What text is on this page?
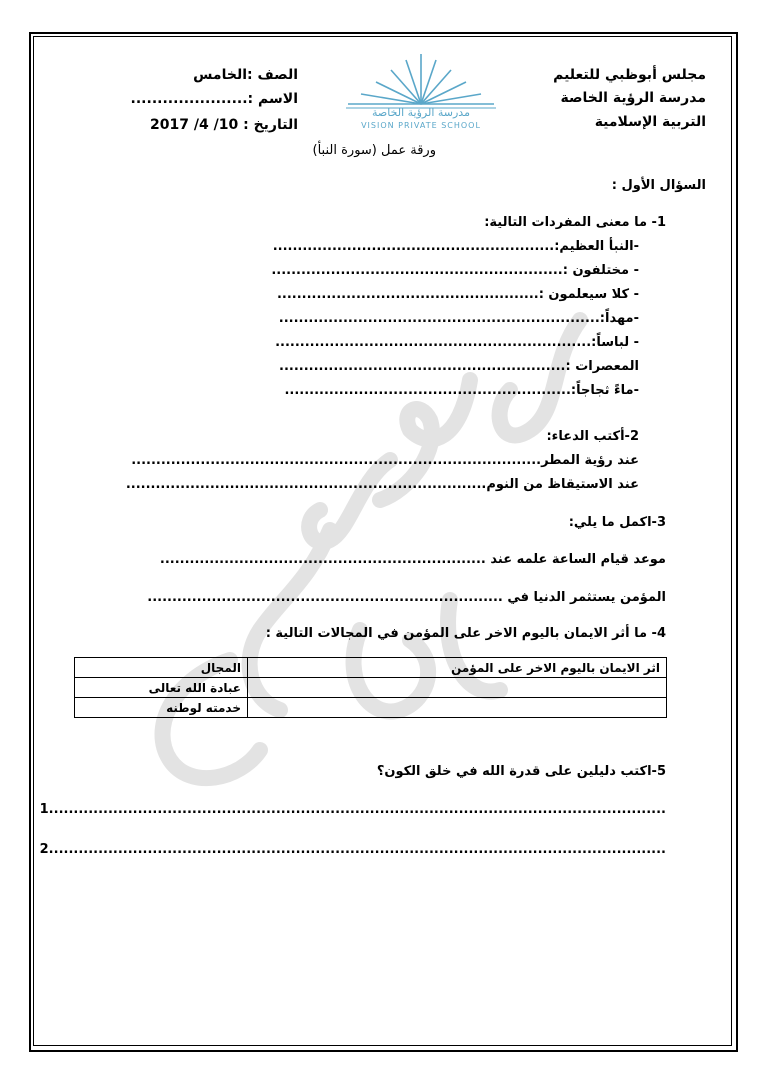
مجلس أبوظبي للتعليم
مدرسة الرؤية الخاصة
التربية الإسلامية
الصف :الخامس
الاسم :......................
التاريخ : 10/ 4/ 2017
مدرسة الرؤية الخاصة
VISION PRIVATE SCHOOL
ورقة عمل (سورة النبأ)
السؤال الأول :
1- ما معنى المفردات التالية:
-النبأ العظيم:.........................................................
- مختلفون :...........................................................
- كلا سيعلمون :.....................................................
-مهداً:.................................................................
- لباساً:................................................................
المعصرات :..........................................................
-ماءً ثجاجاً:..........................................................
2-أكتب الدعاء:
عند رؤية المطر...................................................................................
عند الاستيقاظ من النوم.........................................................................
3-اكمل ما يلي:
موعد قيام الساعة علمه عند ..................................................................
المؤمن يستثمر الدنيا في ........................................................................
4- ما أثر الايمان باليوم الاخر على المؤمن في المجالات التالية :
المجال	اثر الايمان باليوم الاخر على المؤمن
عبادة الله تعالى	
خدمته لوطنه	
5-اكتب دليلين على قدرة الله في خلق الكون؟
1.............................................................................................................................
2.............................................................................................................................
